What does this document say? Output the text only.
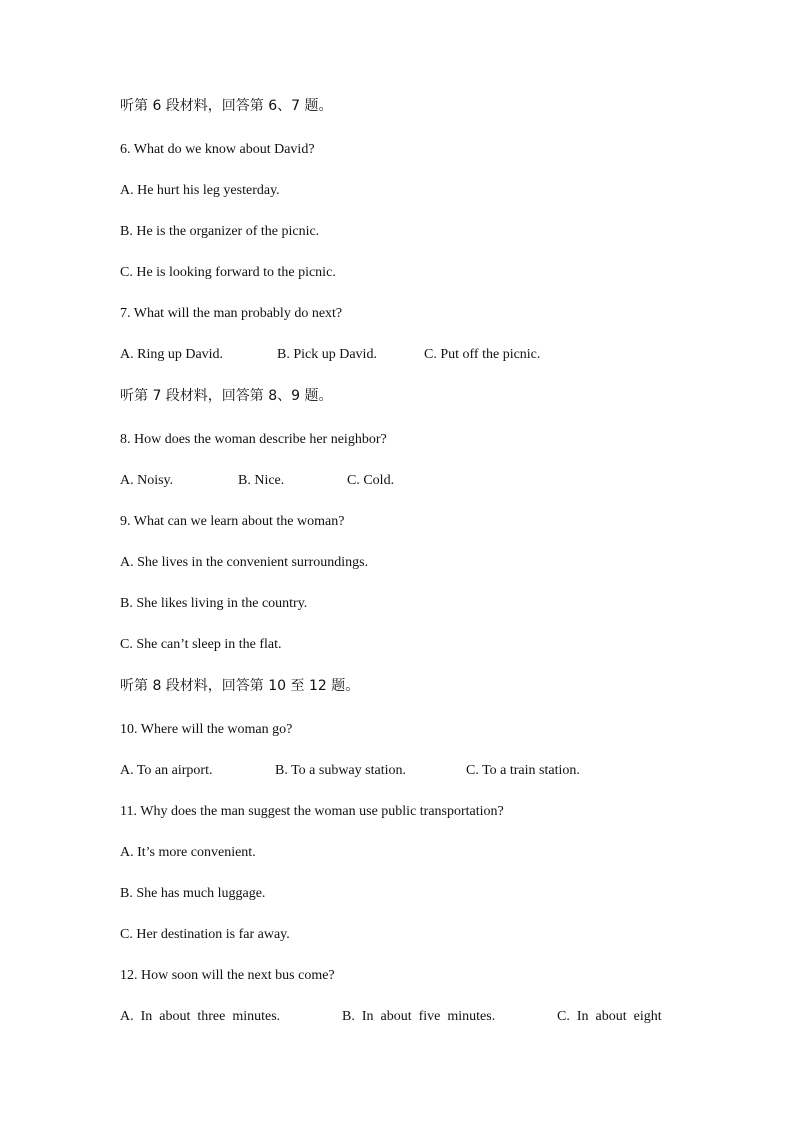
听第 6 段材料，回答第 6、7 题。
6. What do we know about David?
A. He hurt his leg yesterday.
B. He is the organizer of the picnic.
C. He is looking forward to the picnic.
7. What will the man probably do next?
A. Ring up David.	B. Pick up David.	C. Put off the picnic.
听第 7 段材料，回答第 8、9 题。
8. How does the woman describe her neighbor?
A. Noisy.	B. Nice.	C. Cold.
9. What can we learn about the woman?
A. She lives in the convenient surroundings.
B. She likes living in the country.
C. She can’t sleep in the flat.
听第 8 段材料，回答第 10 至 12 题。
10. Where will the woman go?
A. To an airport.	B. To a subway station.	C. To a train station.
11. Why does the man suggest the woman use public transportation?
A. It’s more convenient.
B. She has much luggage.
C. Her destination is far away.
12. How soon will the next bus come?
A.  In  about  three  minutes.	B.  In  about  five  minutes.	C.  In  about  eight
